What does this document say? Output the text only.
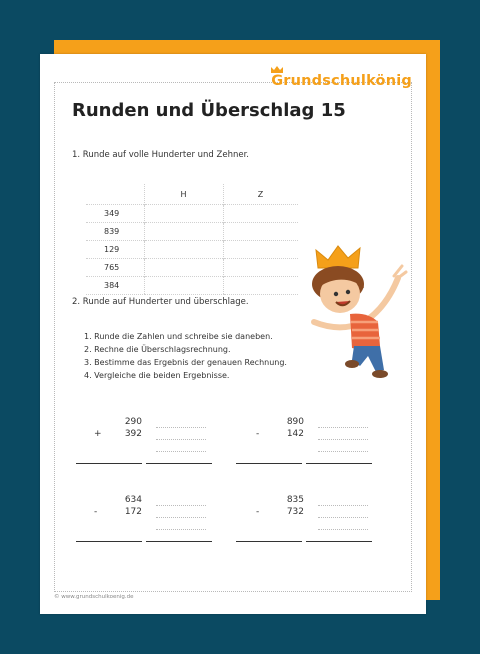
Grundschulkönig
Runden und Überschlag 15
1. Runde auf volle Hunderter und Zehner.
	H	Z
349		
839		
129		
765		
384		
2. Runde auf Hunderter und überschlage.
1. Runde die Zahlen und schreibe sie daneben.
2. Rechne die Überschlagsrechnung.
3. Bestimme das Ergebnis der genauen Rechnung.
4. Vergleiche die beiden Ergebnisse.
290
+	392
890
-	142
634
-	172
835
-	732
© www.grundschulkoenig.de
